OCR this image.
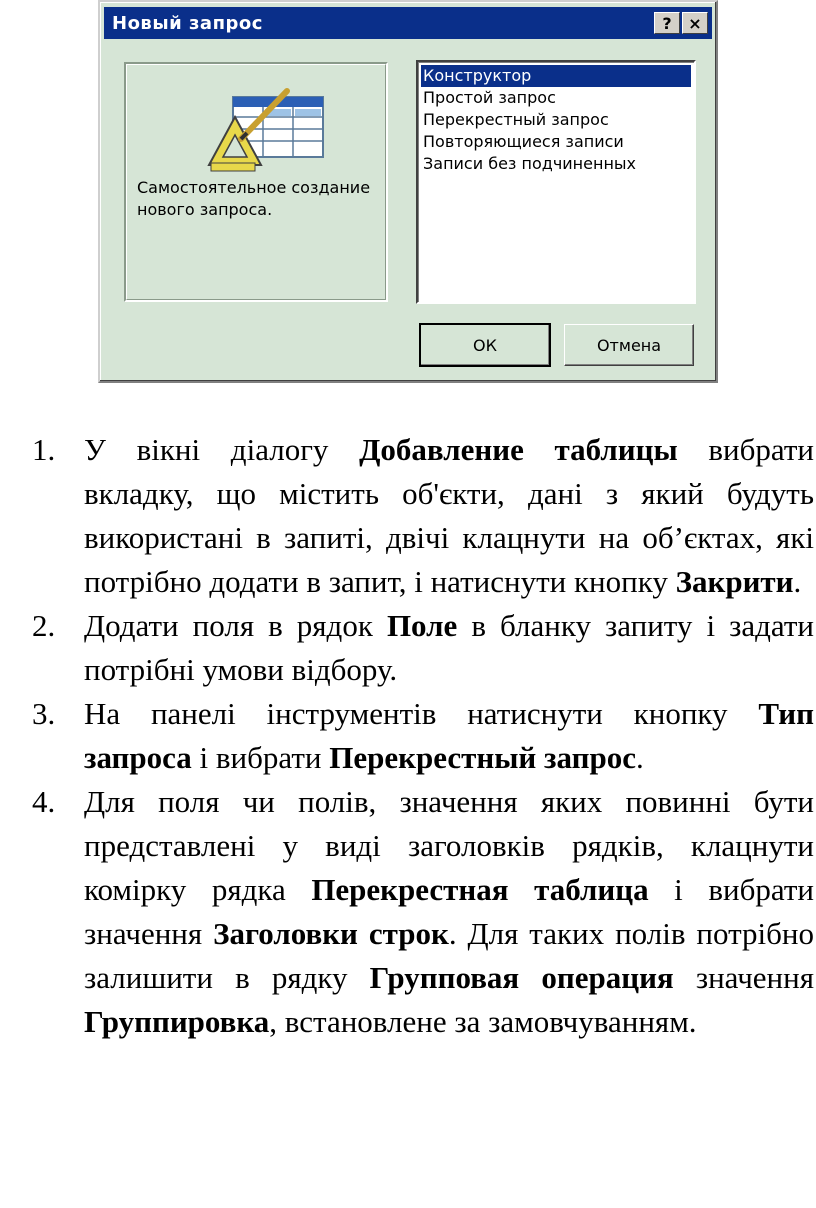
Новый запрос	?	×
Самостоятельное создание нового запроса.
Конструктор
Простой запрос
Перекрестный запрос
Повторяющиеся записи
Записи без подчиненных
ОК	Отмена
1. У вікні діалогу Добавление таблицы вибрати вкладку, що містить об'єкти, дані з який будуть використані в запиті, двічі клацнути на об’єктах, які потрібно додати в запит, і натиснути кнопку Закрити.
2. Додати поля в рядок Поле в бланку запиту і задати потрібні умови відбору.
3. На панелі інструментів натиснути кнопку Тип запроса і вибрати Перекрестный запрос.
4. Для поля чи полів, значення яких повинні бути представлені у виді заголовків рядків, клацнути комірку рядка Перекрестная таблица і вибрати значення Заголовки строк. Для таких полів потрібно залишити в рядку Групповая операция значення Группировка, встановлене за замовчуванням.
